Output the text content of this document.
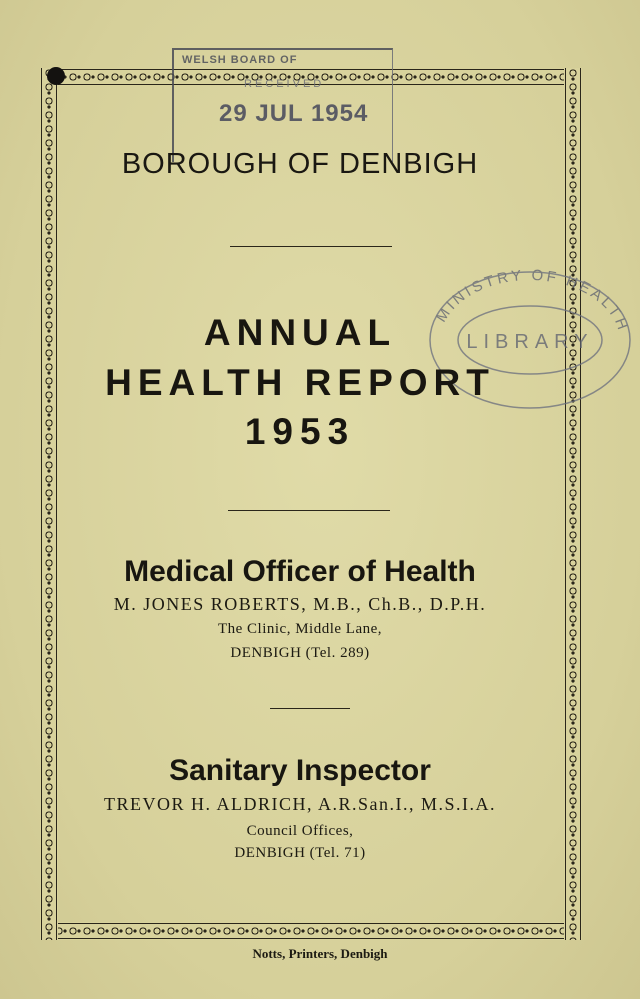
WELSH BOARD OF
RECEIVED
29 JUL 1954
MINISTRY OF HEALTH
LIBRARY
BOROUGH OF DENBIGH
ANNUAL
HEALTH REPORT
1953
Medical Officer of Health
M. JONES ROBERTS, M.B., Ch.B., D.P.H.
The Clinic, Middle Lane,
DENBIGH (Tel. 289)
Sanitary Inspector
TREVOR H. ALDRICH, A.R.San.I., M.S.I.A.
Council Offices,
DENBIGH (Tel. 71)
Notts, Printers, Denbigh
